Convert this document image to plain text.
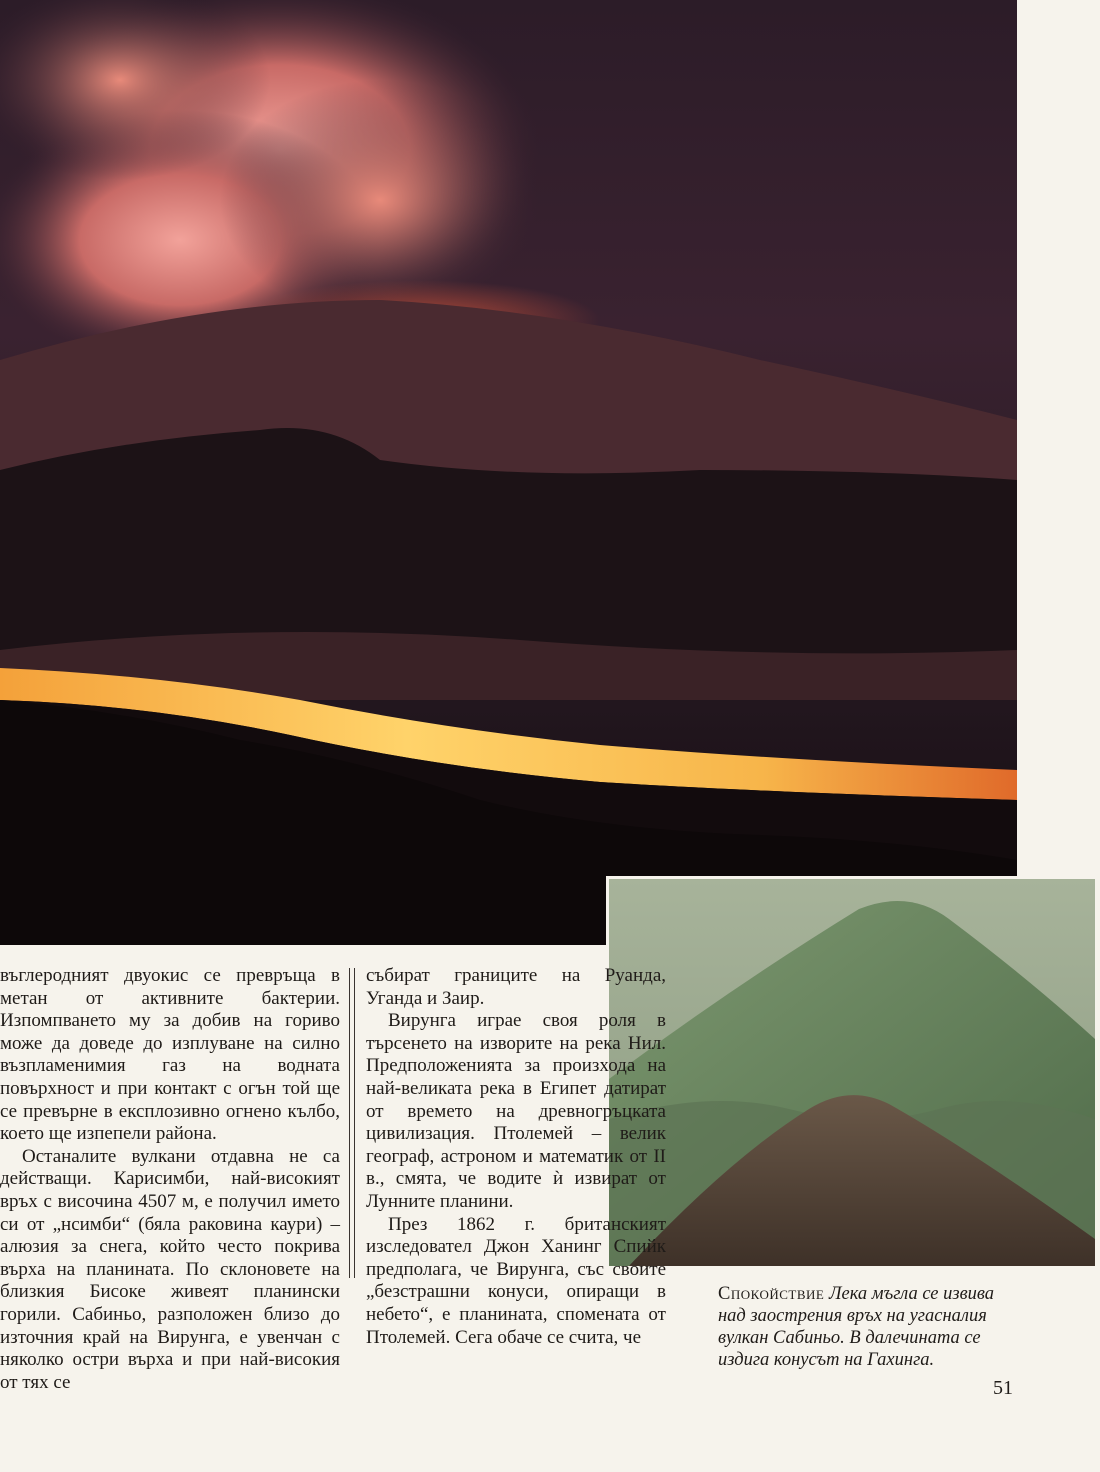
въглеродният двуокис се превръща в метан от активните бактерии. Изпомпването му за добив на гориво може да доведе до изплуване на силно възпламенимия газ на водната повърхност и при контакт с огън той ще се превърне в експлозивно огнено кълбо, което ще изпепели района.

Останалите вулкани отдавна не са действащи. Карисимби, най-високият връх с височина 4507 м, е получил името си от „нсимби“ (бяла раковина каури) – алюзия за снега, който често покрива върха на планината. По склоновете на близкия Бисоке живеят планински горили. Сабиньо, разположен близо до източния край на Вирунга, е увенчан с няколко остри върха и при най-високия от тях се

събират границите на Руанда, Уганда и Заир.

Вирунга играе своя роля в търсенето на изворите на река Нил. Предположенията за произхода на най-великата река в Египет датират от времето на древногръцката цивилизация. Птолемей – велик географ, астроном и математик от II в., смята, че водите ѝ извират от Лунните планини.

През 1862 г. британският изследовател Джон Ханинг Спийк предполага, че Вирунга, със своите „безстрашни конуси, опиращи в небето“, е планината, спомената от Птолемей. Сега обаче се счита, че

Спокойствие Лека мъгла се извива над заострения връх на угасналия вулкан Сабиньо. В далечината се издига конусът на Гахинга.
51
